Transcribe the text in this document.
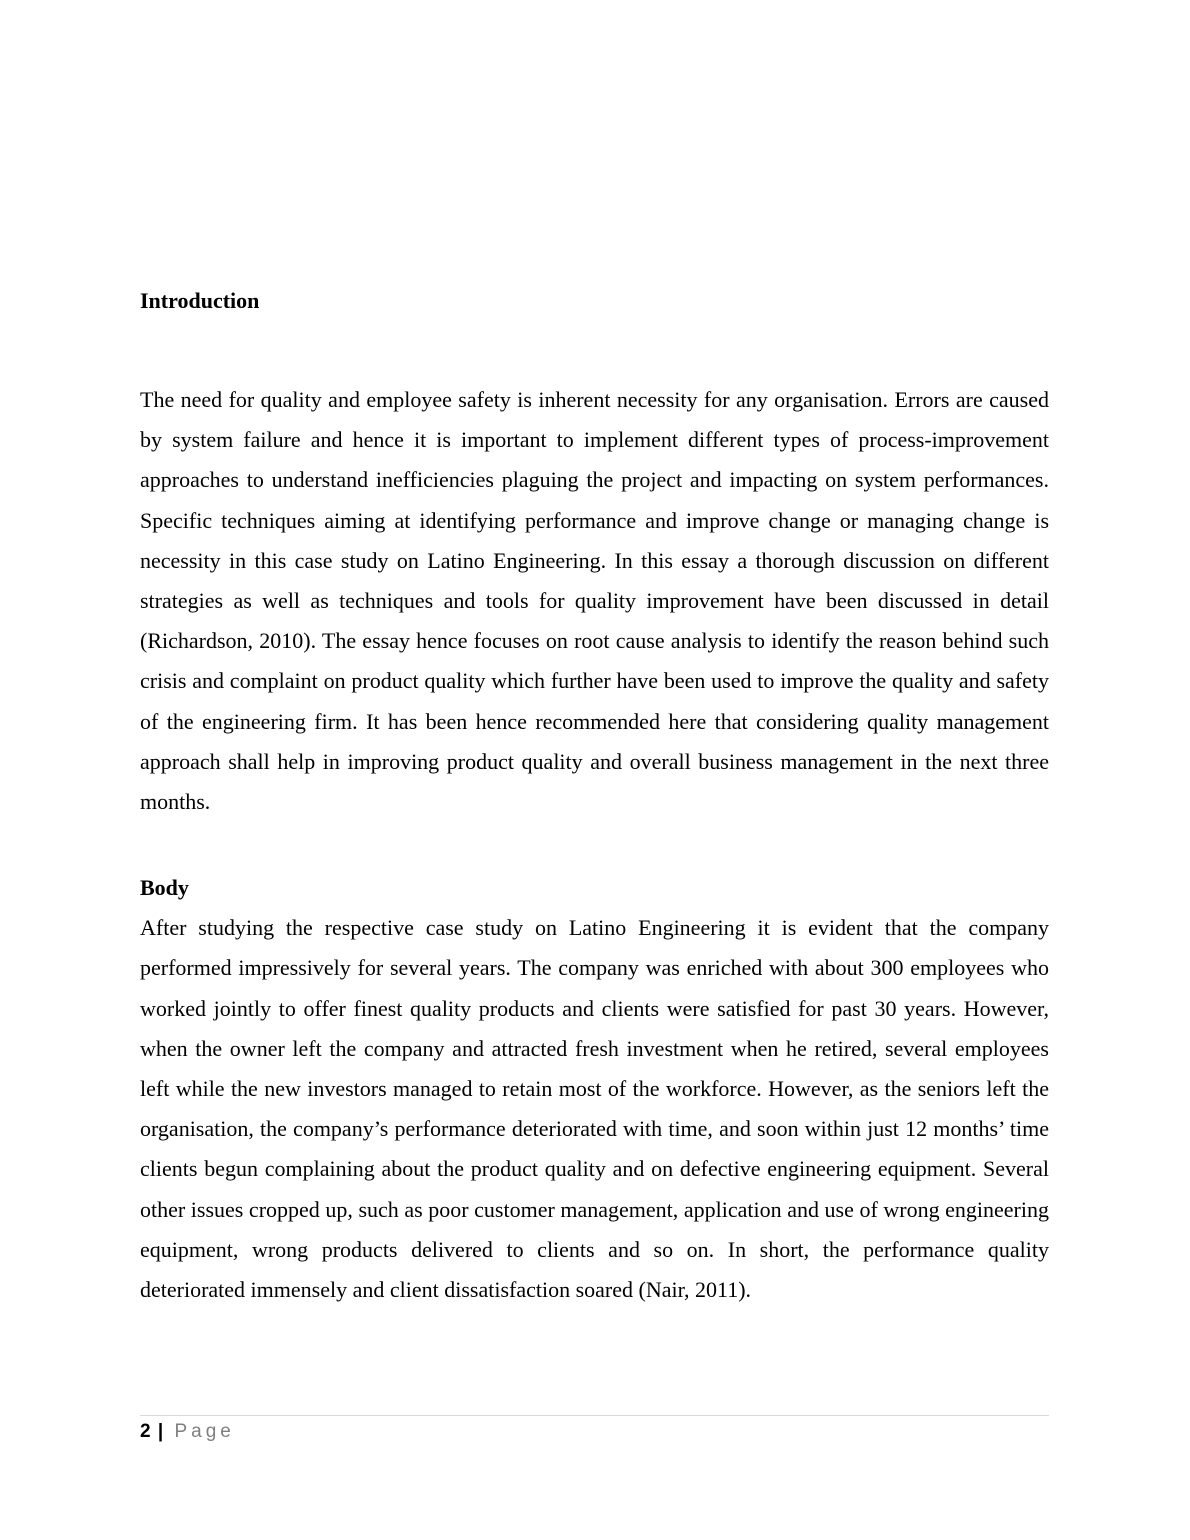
Introduction

The need for quality and employee safety is inherent necessity for any organisation. Errors are caused by system failure and hence it is important to implement different types of process-improvement approaches to understand inefficiencies plaguing the project and impacting on system performances. Specific techniques aiming at identifying performance and improve change or managing change is necessity in this case study on Latino Engineering. In this essay a thorough discussion on different strategies as well as techniques and tools for quality improvement have been discussed in detail (Richardson, 2010). The essay hence focuses on root cause analysis to identify the reason behind such crisis and complaint on product quality which further have been used to improve the quality and safety of the engineering firm. It has been hence recommended here that considering quality management approach shall help in improving product quality and overall business management in the next three months.

Body

After studying the respective case study on Latino Engineering it is evident that the company performed impressively for several years. The company was enriched with about 300 employees who worked jointly to offer finest quality products and clients were satisfied for past 30 years. However, when the owner left the company and attracted fresh investment when he retired, several employees left while the new investors managed to retain most of the workforce. However, as the seniors left the organisation, the company’s performance deteriorated with time, and soon within just 12 months’ time clients begun complaining about the product quality and on defective engineering equipment. Several other issues cropped up, such as poor customer management, application and use of wrong engineering equipment, wrong products delivered to clients and so on. In short, the performance quality deteriorated immensely and client dissatisfaction soared (Nair, 2011).

2 | Page
